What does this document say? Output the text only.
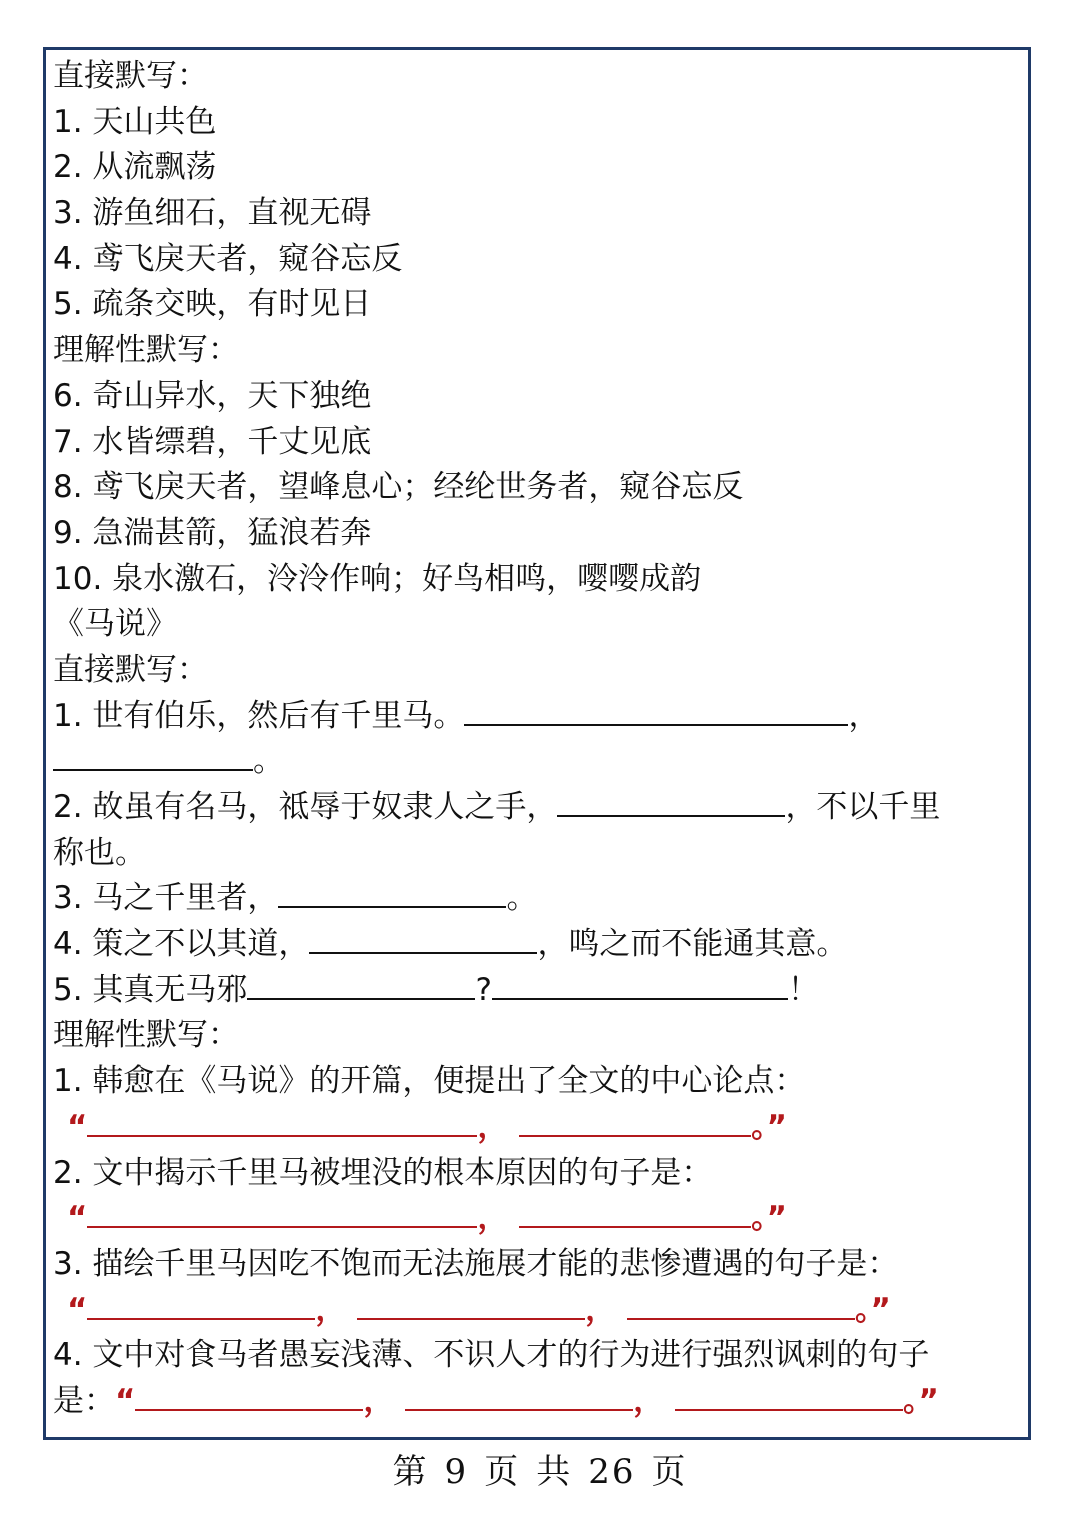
直接默写：
1. 天山共色
2. 从流飘荡
3. 游鱼细石，直视无碍
4. 鸢飞戾天者，窥谷忘反
5. 疏条交映，有时见日
理解性默写：
6. 奇山异水，天下独绝
7. 水皆缥碧，千丈见底
8. 鸢飞戾天者，望峰息心；经纶世务者，窥谷忘反
9. 急湍甚箭，猛浪若奔
10. 泉水激石，泠泠作响；好鸟相鸣，嘤嘤成韵
《马说》
直接默写：
1. 世有伯乐，然后有千里马。	，
。
2. 故虽有名马，祗辱于奴隶人之手，	，不以千里
称也。
3. 马之千里者，	。
4. 策之不以其道，	，鸣之而不能通其意。
5. 其真无马邪	?	！
理解性默写：
1. 韩愈在《马说》的开篇，便提出了全文的中心论点：
“	，	。”
2. 文中揭示千里马被埋没的根本原因的句子是：
“	，	。”
3. 描绘千里马因吃不饱而无法施展才能的悲惨遭遇的句子是：
“	，	，	。”
4. 文中对食马者愚妄浅薄、不识人才的行为进行强烈讽刺的句子
是：“	，	，	。”
第 9 页 共 26 页
